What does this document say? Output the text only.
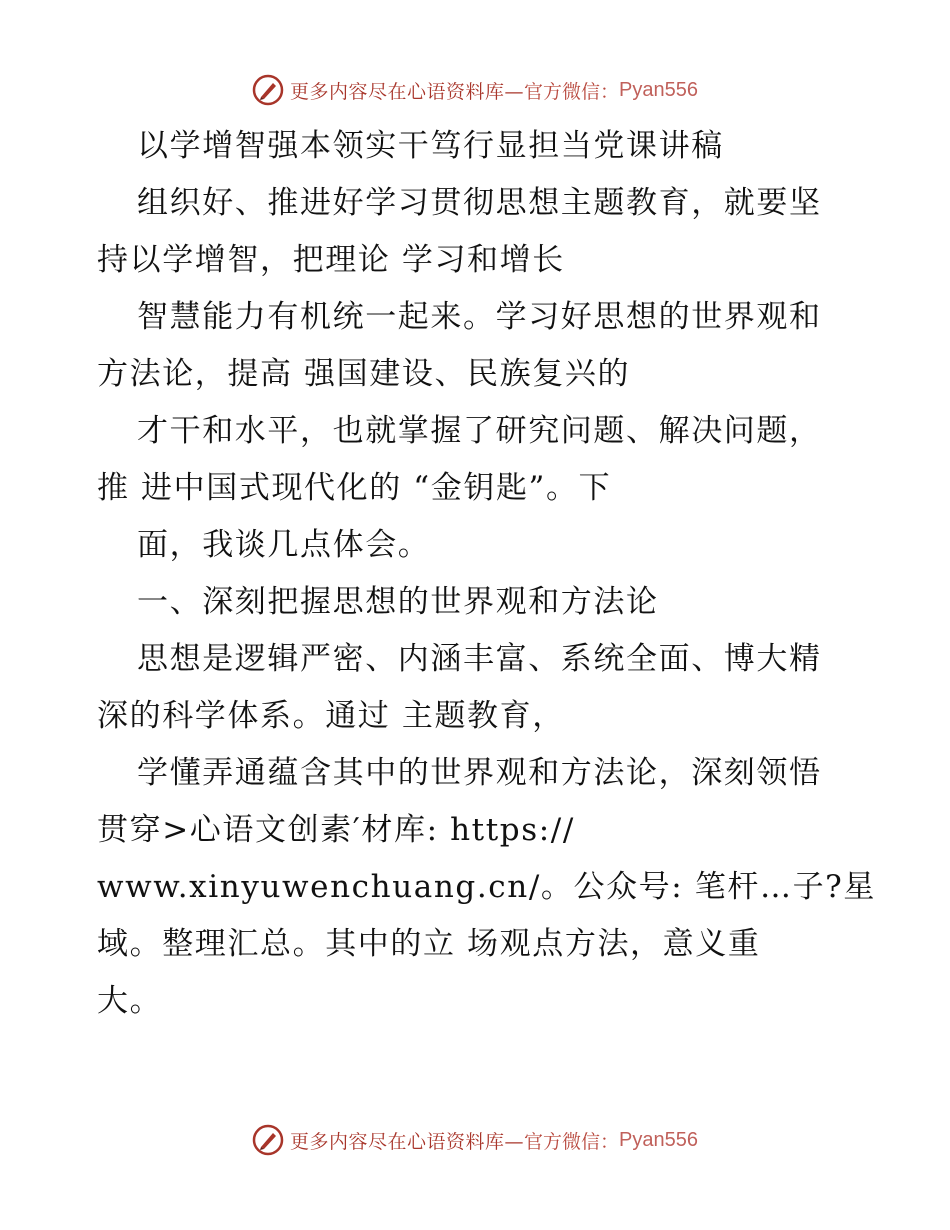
更多内容尽在心语资料库— 官方微信： Pyan556
以学增智强本领实干笃行显担当党课讲稿
组织好、推进好学习贯彻思想主题教育，就要坚
持以学增智，把理论 学习和增长
智慧能力有机统一起来。学习好思想的世界观和
方法论，提高 强国建设、民族复兴的
才干和水平，也就掌握了研究问题、解决问题，
推 进中国式现代化的 “金钥匙”。下
面，我谈几点体会。
一、深刻把握思想的世界观和方法论
思想是逻辑严密、内涵丰富、系统全面、博大精
深的科学体系。通过 主题教育，
学懂弄通蕴含其中的世界观和方法论，深刻领悟
贯穿>心语文创素′材库: https://
www.xinyuwenchuang.cn/。公众号: 笔杆…子?星
域。整理汇总。其中的立 场观点方法，意义重
大。
更多内容尽在心语资料库— 官方微信： Pyan556
